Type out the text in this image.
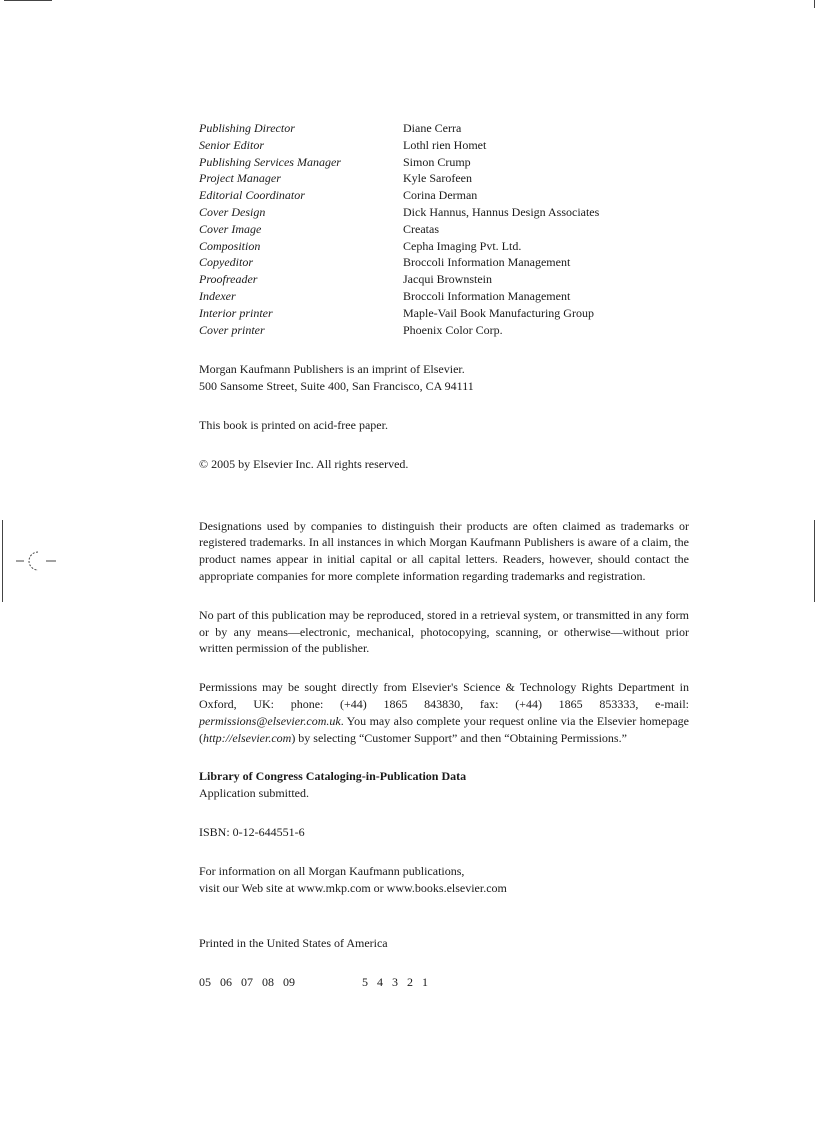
Publishing Director	Diane Cerra
Senior Editor	Lothl rien Homet
Publishing Services Manager	Simon Crump
Project Manager	Kyle Sarofeen
Editorial Coordinator	Corina Derman
Cover Design	Dick Hannus, Hannus Design Associates
Cover Image	Creatas
Composition	Cepha Imaging Pvt. Ltd.
Copyeditor	Broccoli Information Management
Proofreader	Jacqui Brownstein
Indexer	Broccoli Information Management
Interior printer	Maple-Vail Book Manufacturing Group
Cover printer	Phoenix Color Corp.
Morgan Kaufmann Publishers is an imprint of Elsevier.
500 Sansome Street, Suite 400, San Francisco, CA 94111

This book is printed on acid-free paper.

© 2005 by Elsevier Inc. All rights reserved.

Designations used by companies to distinguish their products are often claimed as trademarks or registered trademarks. In all instances in which Morgan Kaufmann Publishers is aware of a claim, the product names appear in initial capital or all capital letters. Readers, however, should contact the appropriate companies for more complete information regarding trademarks and registration.

No part of this publication may be reproduced, stored in a retrieval system, or transmitted in any form or by any means—electronic, mechanical, photocopying, scanning, or otherwise—without prior written permission of the publisher.

Permissions may be sought directly from Elsevier's Science & Technology Rights Department in Oxford, UK: phone: (+44) 1865 843830, fax: (+44) 1865 853333, e-mail: permissions@elsevier.com.uk. You may also complete your request online via the Elsevier homepage (http://elsevier.com) by selecting “Customer Support” and then “Obtaining Permissions.”

Library of Congress Cataloging-in-Publication Data
Application submitted.

ISBN: 0-12-644551-6

For information on all Morgan Kaufmann publications,
visit our Web site at www.mkp.com or www.books.elsevier.com

Printed in the United States of America

05   06   07   08   09	5   4   3   2   1
